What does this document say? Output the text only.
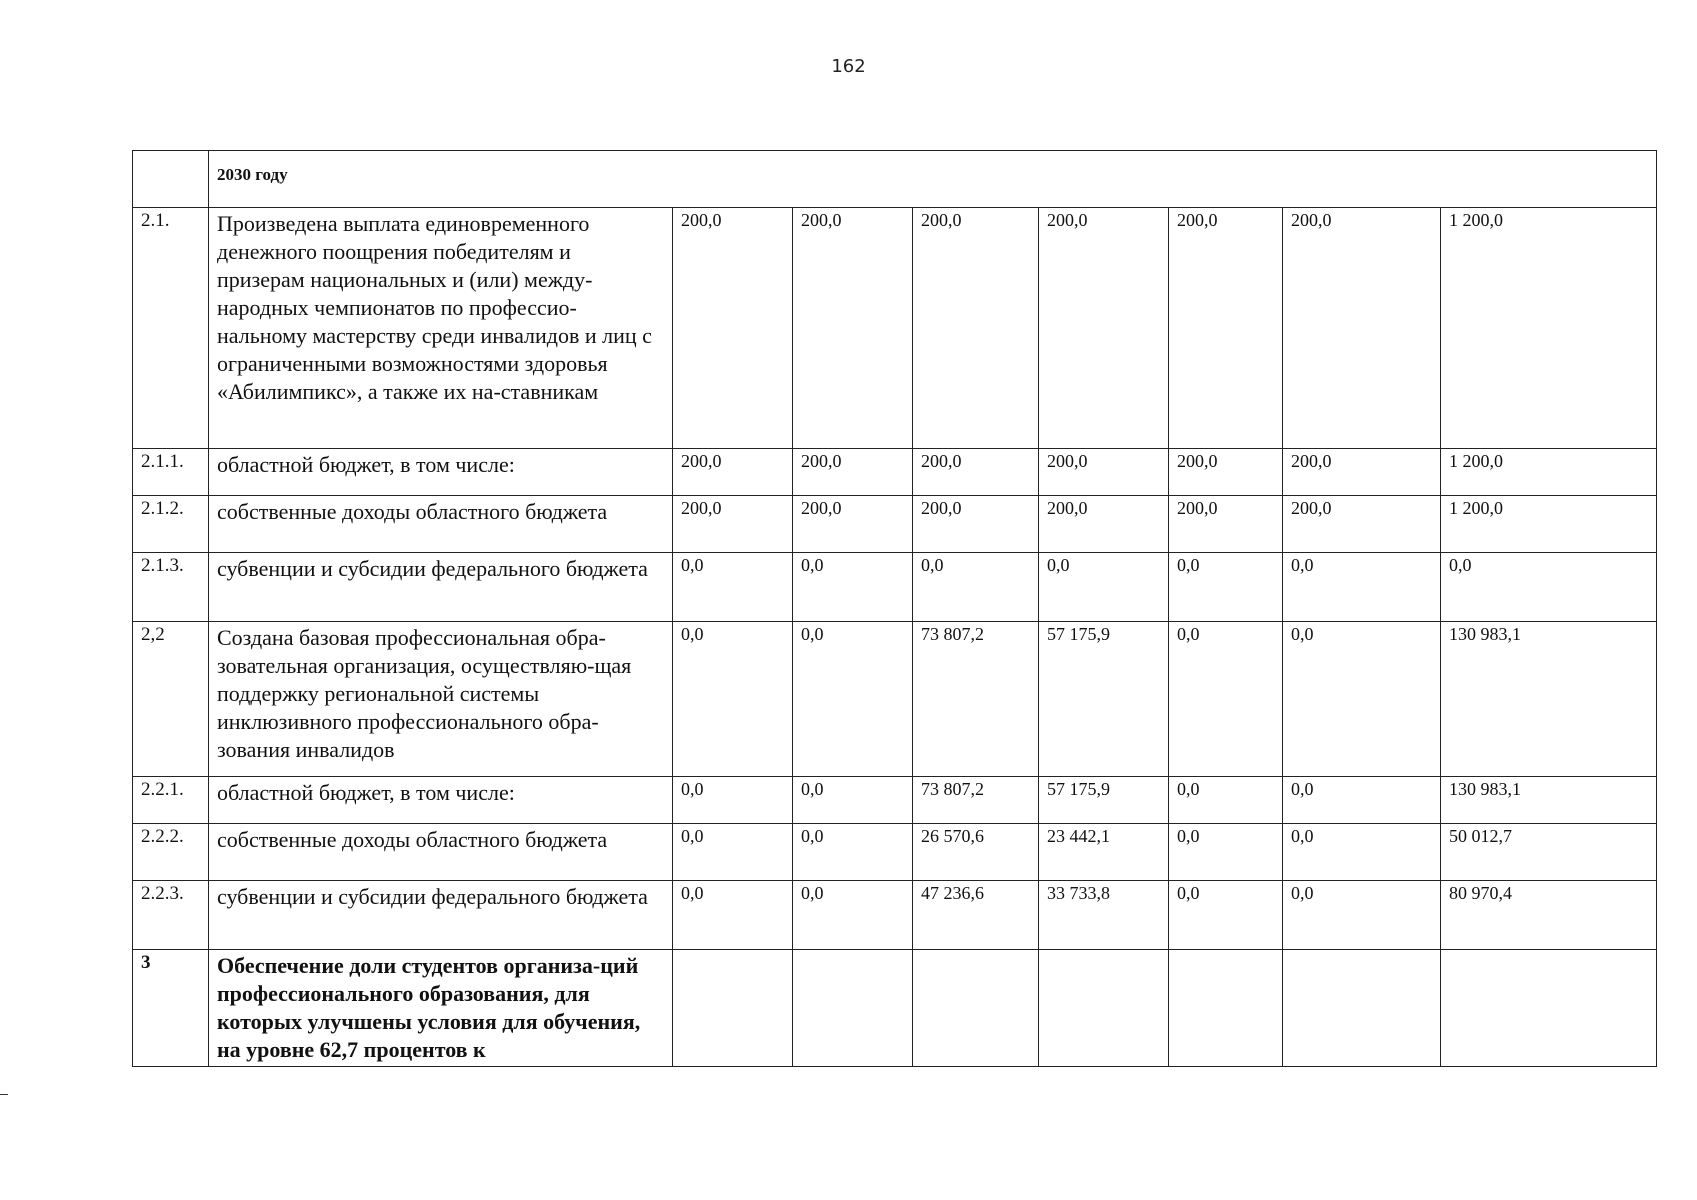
162
	2030 году							
2.1.	Произведена выплата единовременного денежного поощрения победителям и призерам национальных и (или) между-народных чемпионатов по профессио-нальному мастерству среди инвалидов и лиц с ограниченными возможностями здоровья «Абилимпикс», а также их на-ставникам	200,0	200,0	200,0	200,0	200,0	200,0	1 200,0
2.1.1.	областной бюджет, в том числе:	200,0	200,0	200,0	200,0	200,0	200,0	1 200,0
2.1.2.	собственные доходы областного бюджета	200,0	200,0	200,0	200,0	200,0	200,0	1 200,0
2.1.3.	субвенции и субсидии федерального бюджета	0,0	0,0	0,0	0,0	0,0	0,0	0,0
2,2	Создана базовая профессиональная обра-зовательная организация, осуществляю-щая поддержку региональной системы инклюзивного профессионального обра-зования инвалидов	0,0	0,0	73 807,2	57 175,9	0,0	0,0	130 983,1
2.2.1.	областной бюджет, в том числе:	0,0	0,0	73 807,2	57 175,9	0,0	0,0	130 983,1
2.2.2.	собственные доходы областного бюджета	0,0	0,0	26 570,6	23 442,1	0,0	0,0	50 012,7
2.2.3.	субвенции и субсидии федерального бюджета	0,0	0,0	47 236,6	33 733,8	0,0	0,0	80 970,4
3	Обеспечение доли студентов организа-ций профессионального образования, для которых улучшены условия для обучения, на уровне 62,7 процентов к							
